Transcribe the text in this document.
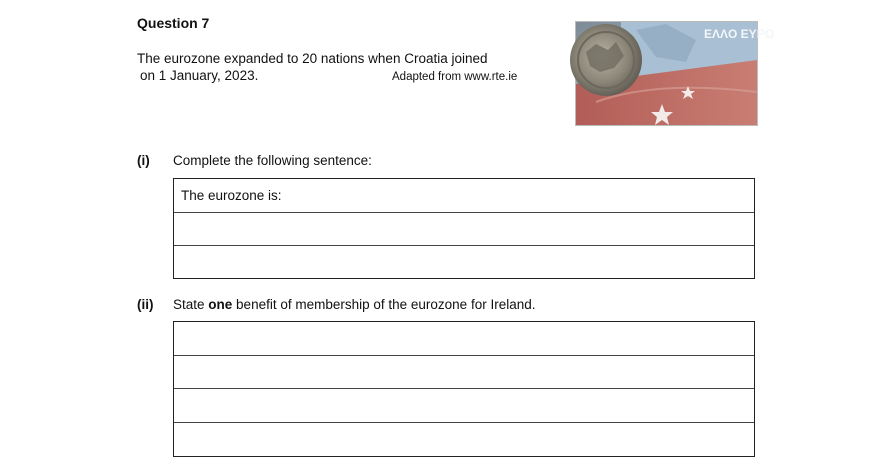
Question 7
The eurozone expanded to 20 nations when Croatia joined
on 1 January, 2023.	Adapted from www.rte.ie
EΛΛO EΥΡΩ
(i) Complete the following sentence:
The eurozone is:
(ii) State one benefit of membership of the eurozone for Ireland.
